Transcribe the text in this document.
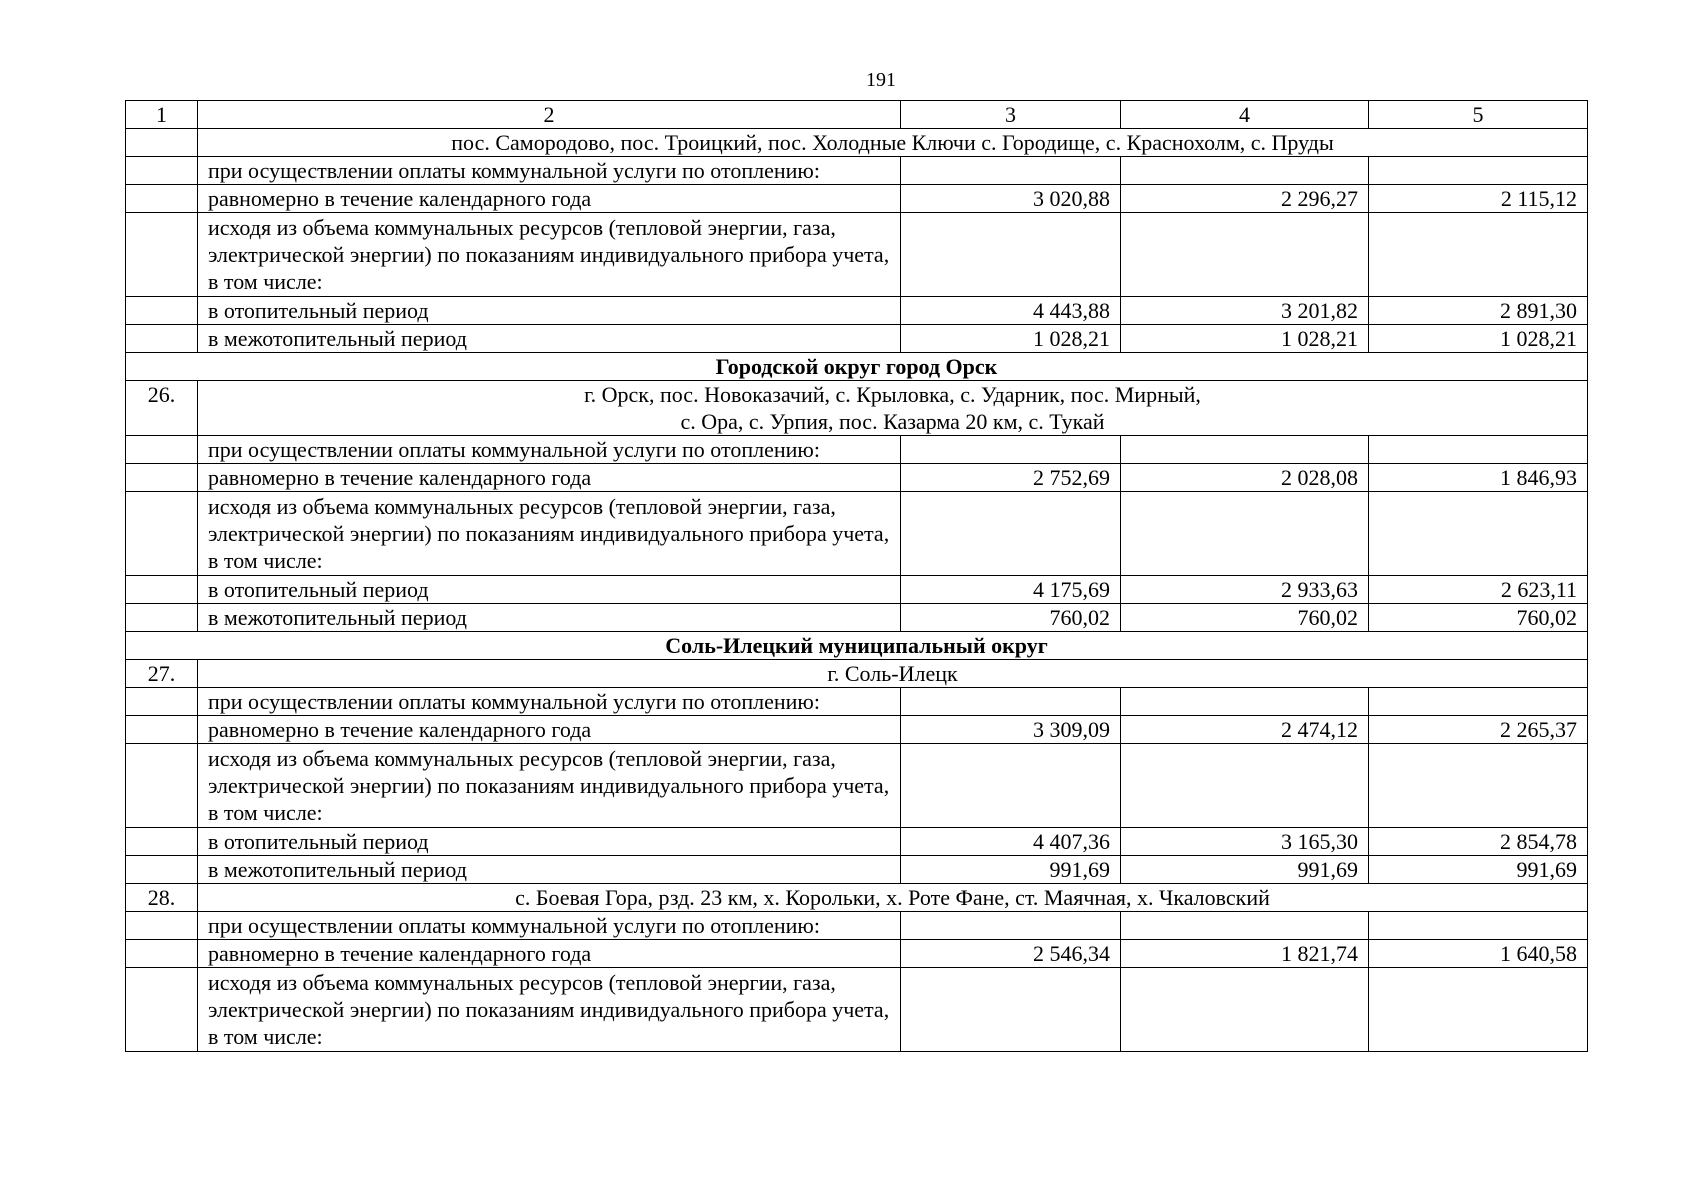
191
1	2	3	4	5
	пос. Самородово, пос. Троицкий, пос. Холодные Ключи с. Городище, с. Краснохолм, с. Пруды			
	при осуществлении оплаты коммунальной услуги по отоплению:			
	равномерно в течение календарного года	3 020,88	2 296,27	2 115,12
	исходя из объема коммунальных ресурсов (тепловой энергии, газа, электрической энергии) по показаниям индивидуального прибора учета, в том числе:			
	в отопительный период	4 443,88	3 201,82	2 891,30
	в межотопительный период	1 028,21	1 028,21	1 028,21
Городской округ город Орск				
26.	г. Орск, пос. Новоказачий, с. Крыловка, с. Ударник, пос. Мирный,
с. Ора, с. Урпия, пос. Казарма 20 км, с. Тукай			

	при осуществлении оплаты коммунальной услуги по отоплению:			
	равномерно в течение календарного года	2 752,69	2 028,08	1 846,93
	исходя из объема коммунальных ресурсов (тепловой энергии, газа, электрической энергии) по показаниям индивидуального прибора учета, в том числе:			
	в отопительный период	4 175,69	2 933,63	2 623,11
	в межотопительный период	760,02	760,02	760,02
Соль-Илецкий муниципальный округ				
27.	г. Соль-Илецк			
	при осуществлении оплаты коммунальной услуги по отоплению:			
	равномерно в течение календарного года	3 309,09	2 474,12	2 265,37
	исходя из объема коммунальных ресурсов (тепловой энергии, газа, электрической энергии) по показаниям индивидуального прибора учета, в том числе:			
	в отопительный период	4 407,36	3 165,30	2 854,78
	в межотопительный период	991,69	991,69	991,69
28.	с. Боевая Гора, рзд. 23 км, х. Корольки, х. Роте Фане, ст. Маячная, х. Чкаловский			
	при осуществлении оплаты коммунальной услуги по отоплению:			
	равномерно в течение календарного года	2 546,34	1 821,74	1 640,58
	исходя из объема коммунальных ресурсов (тепловой энергии, газа, электрической энергии) по показаниям индивидуального прибора учета, в том числе:			
